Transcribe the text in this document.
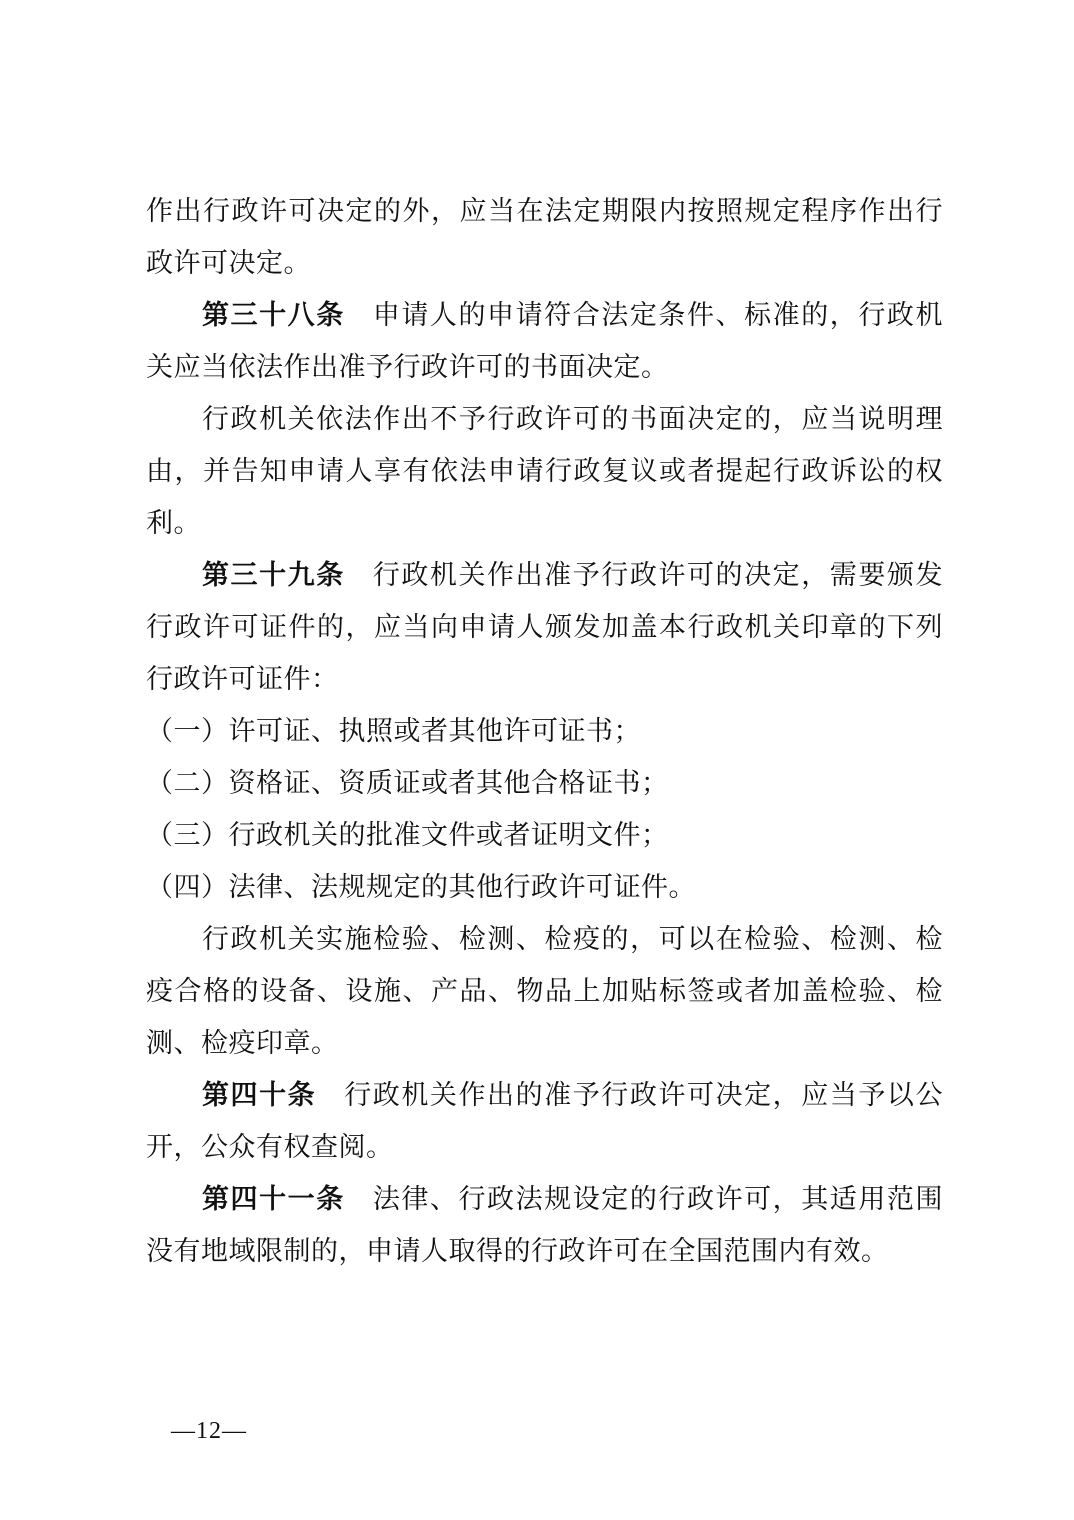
作出行政许可决定的外，应当在法定期限内按照规定程序作出行政许可决定。

第三十八条 申请人的申请符合法定条件、标准的，行政机关应当依法作出准予行政许可的书面决定。

行政机关依法作出不予行政许可的书面决定的，应当说明理由，并告知申请人享有依法申请行政复议或者提起行政诉讼的权利。

第三十九条 行政机关作出准予行政许可的决定，需要颁发行政许可证件的，应当向申请人颁发加盖本行政机关印章的下列行政许可证件：

（一）许可证、执照或者其他许可证书；

（二）资格证、资质证或者其他合格证书；

（三）行政机关的批准文件或者证明文件；

（四）法律、法规规定的其他行政许可证件。

行政机关实施检验、检测、检疫的，可以在检验、检测、检疫合格的设备、设施、产品、物品上加贴标签或者加盖检验、检测、检疫印章。

第四十条 行政机关作出的准予行政许可决定，应当予以公开，公众有权查阅。

第四十一条 法律、行政法规设定的行政许可，其适用范围没有地域限制的，申请人取得的行政许可在全国范围内有效。

—12—
